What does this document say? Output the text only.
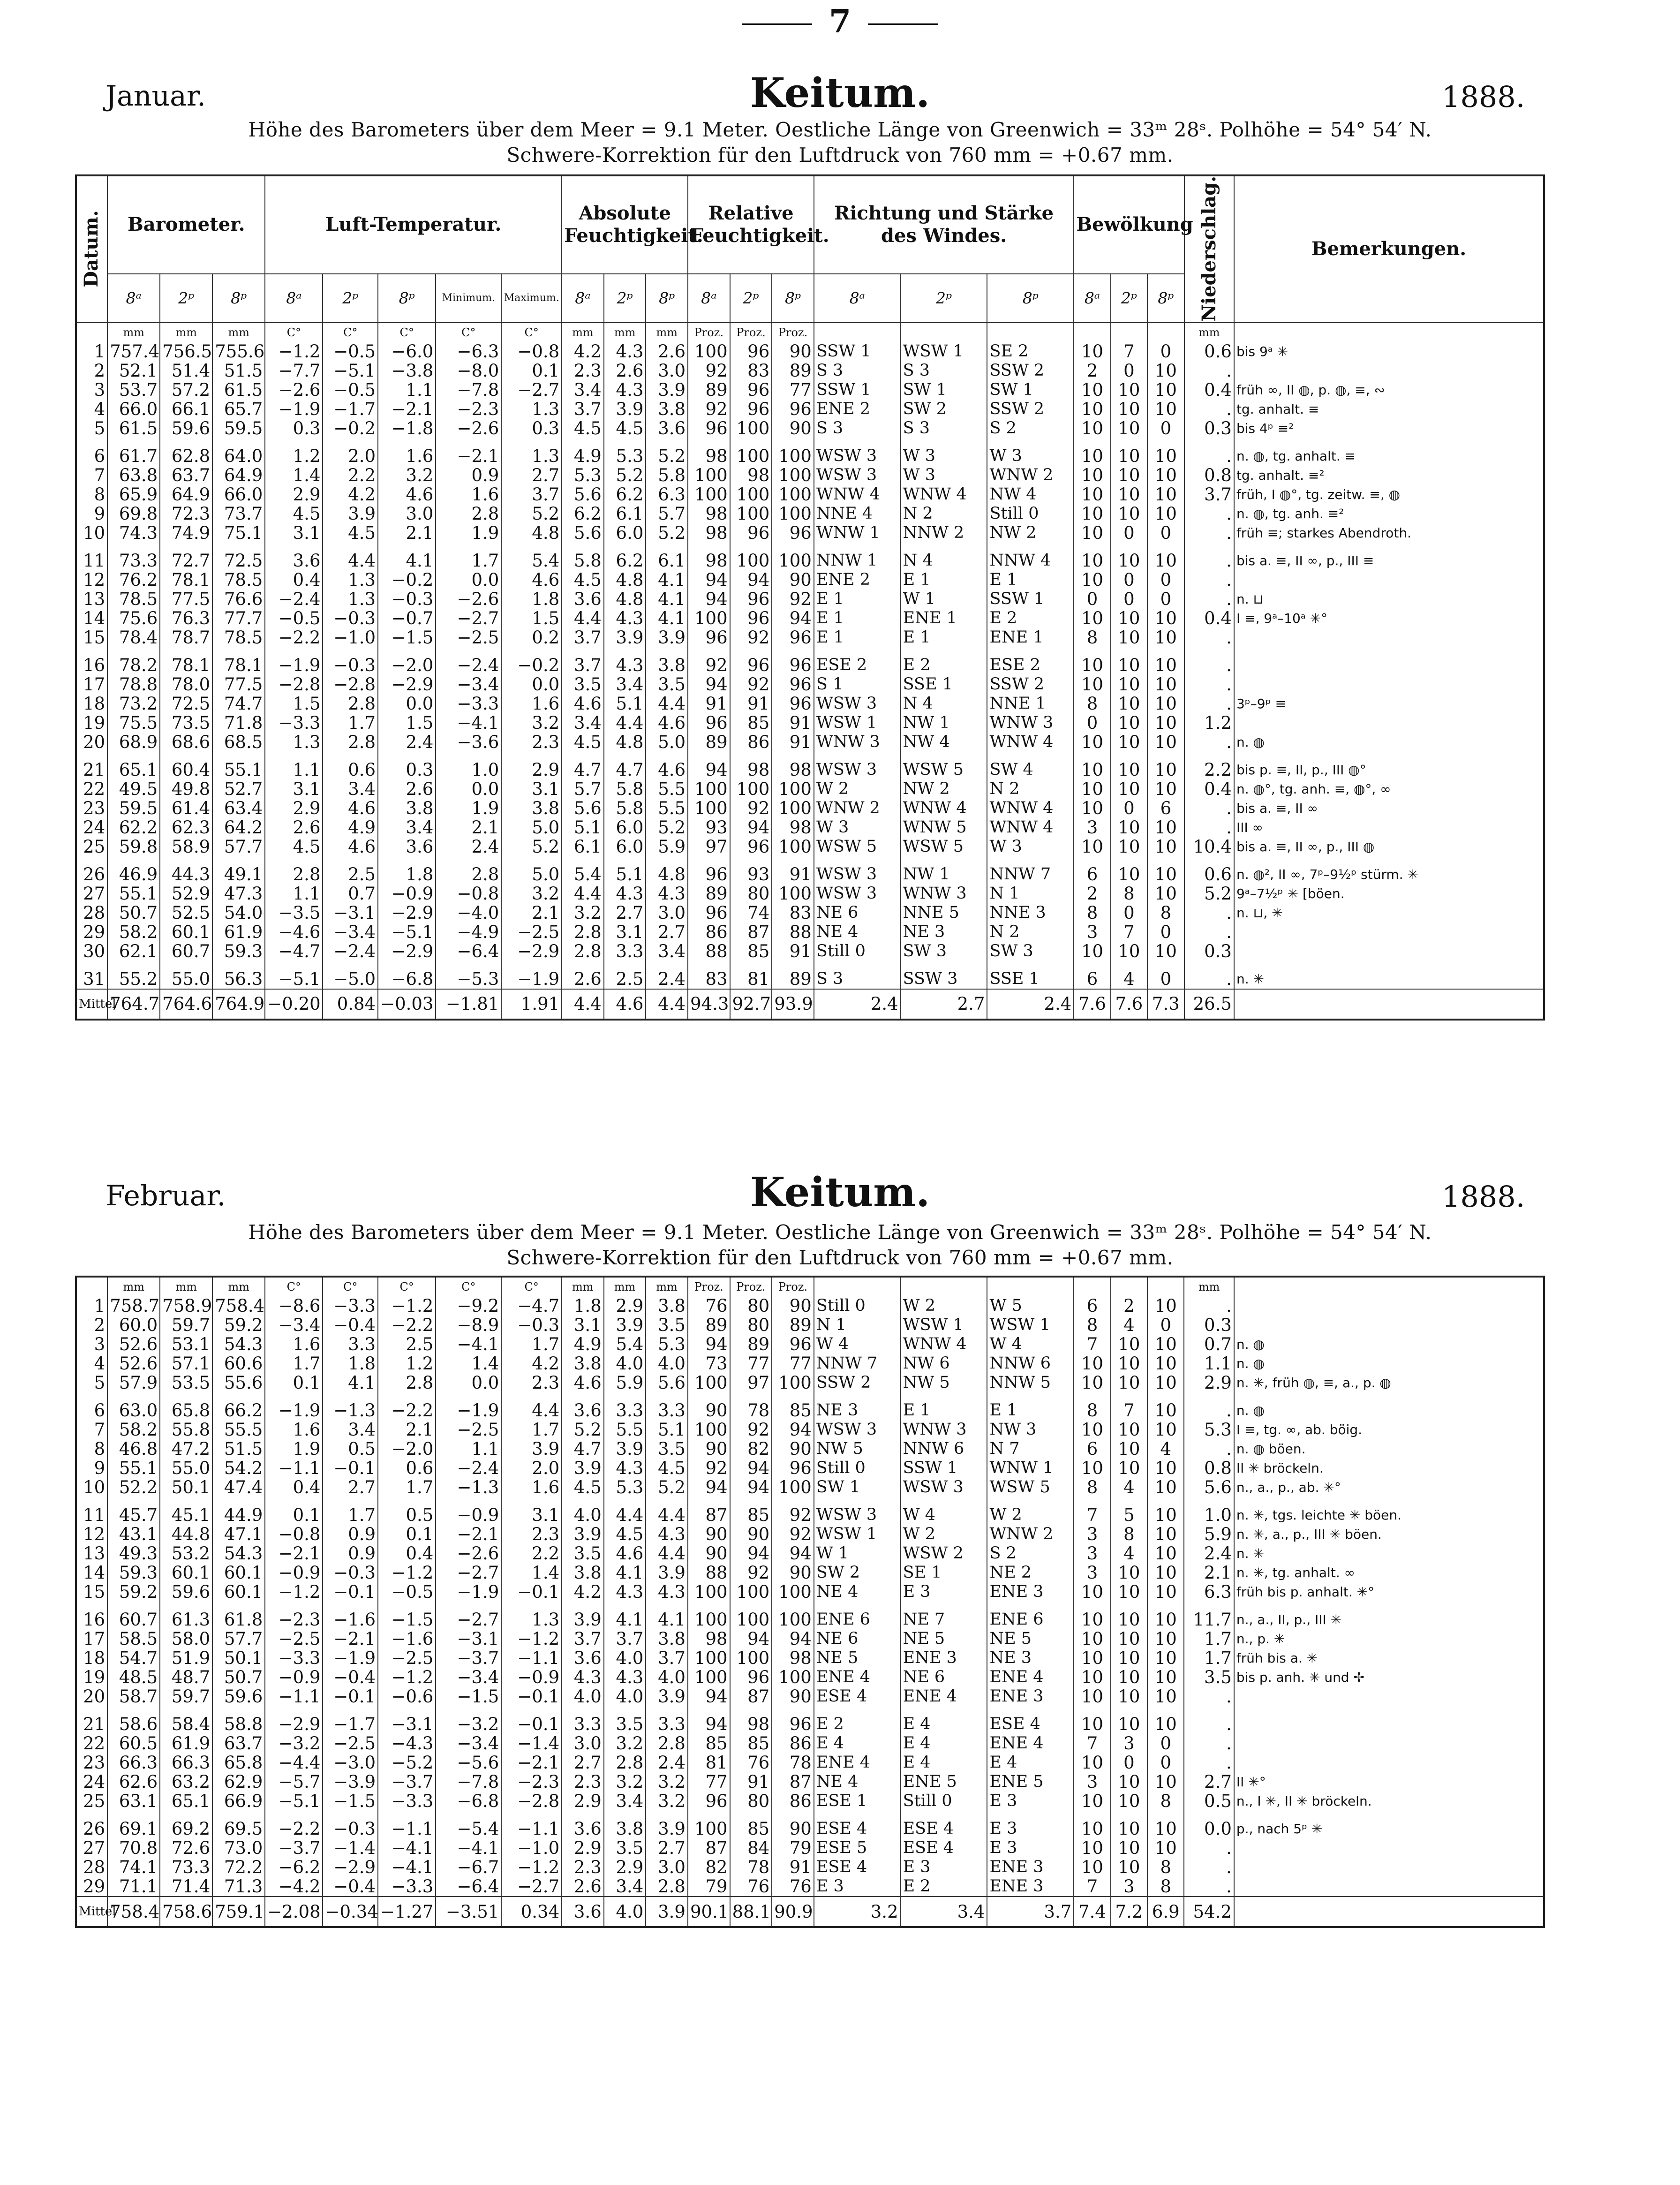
7
Januar.	Keitum.	1888.
Höhe des Barometers über dem Meer = 9.1 Meter. Oestliche Länge von Greenwich = 33ᵐ 28ˢ. Polhöhe = 54° 54′ N.
Schwere-Korrektion für den Luftdruck von 760 mm = +0.67 mm.
Datum.	Barometer.			Luft-Temperatur.					Absolute Feuchtigkeit.			Relative Feuchtigkeit.			Richtung und Stärke des Windes.			Bewölkung			Niederschlag.	Bemerkungen.
	8ᵃ	2ᵖ	8ᵖ	8ᵃ	2ᵖ	8ᵖ	Minimum.	Maximum.	8ᵃ	2ᵖ	8ᵖ	8ᵃ	2ᵖ	8ᵖ	8ᵃ	2ᵖ	8ᵖ	8ᵃ	2ᵖ	8ᵖ		
	mm	mm	mm	C°	C°	C°	C°	C°	mm	mm	mm	Proz.	Proz.	Proz.							mm	
1	757.4	756.5	755.6	−1.2	−0.5	−6.0	−6.3	−0.8	4.2	4.3	2.6	100	96	90	SSW 1	WSW 1	SE 2	10	7	0	0.6	bis 9ᵃ ✳
2	52.1	51.4	51.5	−7.7	−5.1	−3.8	−8.0	0.1	2.3	2.6	3.0	92	83	89	S 3	S 3	SSW 2	2	0	10	.	
3	53.7	57.2	61.5	−2.6	−0.5	1.1	−7.8	−2.7	3.4	4.3	3.9	89	96	77	SSW 1	SW 1	SW 1	10	10	10	0.4	früh ∞, II ◍, p. ◍, ≡, ∾
4	66.0	66.1	65.7	−1.9	−1.7	−2.1	−2.3	1.3	3.7	3.9	3.8	92	96	96	ENE 2	SW 2	SSW 2	10	10	10	.	tg. anhalt. ≡
5	61.5	59.6	59.5	0.3	−0.2	−1.8	−2.6	0.3	4.5	4.5	3.6	96	100	90	S 3	S 3	S 2	10	10	0	0.3	bis 4ᵖ ≡²

6	61.7	62.8	64.0	1.2	2.0	1.6	−2.1	1.3	4.9	5.3	5.2	98	100	100	WSW 3	W 3	W 3	10	10	10	.	n. ◍, tg. anhalt. ≡
7	63.8	63.7	64.9	1.4	2.2	3.2	0.9	2.7	5.3	5.2	5.8	100	98	100	WSW 3	W 3	WNW 2	10	10	10	0.8	tg. anhalt. ≡²
8	65.9	64.9	66.0	2.9	4.2	4.6	1.6	3.7	5.6	6.2	6.3	100	100	100	WNW 4	WNW 4	NW 4	10	10	10	3.7	früh, I ◍°, tg. zeitw. ≡, ◍
9	69.8	72.3	73.7	4.5	3.9	3.0	2.8	5.2	6.2	6.1	5.7	98	100	100	NNE 4	N 2	Still 0	10	10	10	.	n. ◍, tg. anh. ≡²
10	74.3	74.9	75.1	3.1	4.5	2.1	1.9	4.8	5.6	6.0	5.2	98	96	96	WNW 1	NNW 2	NW 2	10	0	0	.	früh ≡; starkes Abendroth.

11	73.3	72.7	72.5	3.6	4.4	4.1	1.7	5.4	5.8	6.2	6.1	98	100	100	NNW 1	N 4	NNW 4	10	10	10	.	bis a. ≡, II ∞, p., III ≡
12	76.2	78.1	78.5	0.4	1.3	−0.2	0.0	4.6	4.5	4.8	4.1	94	94	90	ENE 2	E 1	E 1	10	0	0	.	
13	78.5	77.5	76.6	−2.4	1.3	−0.3	−2.6	1.8	3.6	4.8	4.1	94	96	92	E 1	W 1	SSW 1	0	0	0	.	n. ⊔
14	75.6	76.3	77.7	−0.5	−0.3	−0.7	−2.7	1.5	4.4	4.3	4.1	100	96	94	E 1	ENE 1	E 2	10	10	10	0.4	I ≡, 9ᵃ–10ᵃ ✳°
15	78.4	78.7	78.5	−2.2	−1.0	−1.5	−2.5	0.2	3.7	3.9	3.9	96	92	96	E 1	E 1	ENE 1	8	10	10	.	

16	78.2	78.1	78.1	−1.9	−0.3	−2.0	−2.4	−0.2	3.7	4.3	3.8	92	96	96	ESE 2	E 2	ESE 2	10	10	10	.	
17	78.8	78.0	77.5	−2.8	−2.8	−2.9	−3.4	0.0	3.5	3.4	3.5	94	92	96	S 1	SSE 1	SSW 2	10	10	10	.	
18	73.2	72.5	74.7	1.5	2.8	0.0	−3.3	1.6	4.6	5.1	4.4	91	91	96	WSW 3	N 4	NNE 1	8	10	10	.	3ᵖ–9ᵖ ≡
19	75.5	73.5	71.8	−3.3	1.7	1.5	−4.1	3.2	3.4	4.4	4.6	96	85	91	WSW 1	NW 1	WNW 3	0	10	10	1.2	
20	68.9	68.6	68.5	1.3	2.8	2.4	−3.6	2.3	4.5	4.8	5.0	89	86	91	WNW 3	NW 4	WNW 4	10	10	10	.	n. ◍

21	65.1	60.4	55.1	1.1	0.6	0.3	1.0	2.9	4.7	4.7	4.6	94	98	98	WSW 3	WSW 5	SW 4	10	10	10	2.2	bis p. ≡, II, p., III ◍°
22	49.5	49.8	52.7	3.1	3.4	2.6	0.0	3.1	5.7	5.8	5.5	100	100	100	W 2	NW 2	N 2	10	10	10	0.4	n. ◍°, tg. anh. ≡, ◍°, ∞
23	59.5	61.4	63.4	2.9	4.6	3.8	1.9	3.8	5.6	5.8	5.5	100	92	100	WNW 2	WNW 4	WNW 4	10	0	6	.	bis a. ≡, II ∞
24	62.2	62.3	64.2	2.6	4.9	3.4	2.1	5.0	5.1	6.0	5.2	93	94	98	W 3	WNW 5	WNW 4	3	10	10	.	III ∞
25	59.8	58.9	57.7	4.5	4.6	3.6	2.4	5.2	6.1	6.0	5.9	97	96	100	WSW 5	WSW 5	W 3	10	10	10	10.4	bis a. ≡, II ∞, p., III ◍

26	46.9	44.3	49.1	2.8	2.5	1.8	2.8	5.0	5.4	5.1	4.8	96	93	91	WSW 3	NW 1	NNW 7	6	10	10	0.6	n. ◍², II ∞, 7ᵖ–9½ᵖ stürm. ✳
27	55.1	52.9	47.3	1.1	0.7	−0.9	−0.8	3.2	4.4	4.3	4.3	89	80	100	WSW 3	WNW 3	N 1	2	8	10	5.2	9ᵃ–7½ᵖ ✳ [böen.
28	50.7	52.5	54.0	−3.5	−3.1	−2.9	−4.0	2.1	3.2	2.7	3.0	96	74	83	NE 6	NNE 5	NNE 3	8	0	8	.	n. ⊔, ✳
29	58.2	60.1	61.9	−4.6	−3.4	−5.1	−4.9	−2.5	2.8	3.1	2.7	86	87	88	NE 4	NE 3	N 2	3	7	0	.	
30	62.1	60.7	59.3	−4.7	−2.4	−2.9	−6.4	−2.9	2.8	3.3	3.4	88	85	91	Still 0	SW 3	SW 3	10	10	10	0.3	

31	55.2	55.0	56.3	−5.1	−5.0	−6.8	−5.3	−1.9	2.6	2.5	2.4	83	81	89	S 3	SSW 3	SSE 1	6	4	0	.	n. ✳
Mittel	764.7	764.6	764.9	−0.20	0.84	−0.03	−1.81	1.91	4.4	4.6	4.4	94.3	92.7	93.9	2.4	2.7	2.4	7.6	7.6	7.3	26.5	
Februar.	Keitum.	1888.
Höhe des Barometers über dem Meer = 9.1 Meter. Oestliche Länge von Greenwich = 33ᵐ 28ˢ. Polhöhe = 54° 54′ N.
Schwere-Korrektion für den Luftdruck von 760 mm = +0.67 mm.
	mm	mm	mm	C°	C°	C°	C°	C°	mm	mm	mm	Proz.	Proz.	Proz.							mm	
1	758.7	758.9	758.4	−8.6	−3.3	−1.2	−9.2	−4.7	1.8	2.9	3.8	76	80	90	Still 0	W 2	W 5	6	2	10	.	
2	60.0	59.7	59.2	−3.4	−0.4	−2.2	−8.9	−0.3	3.1	3.9	3.5	89	80	89	N 1	WSW 1	WSW 1	8	4	0	0.3	
3	52.6	53.1	54.3	1.6	3.3	2.5	−4.1	1.7	4.9	5.4	5.3	94	89	96	W 4	WNW 4	W 4	7	10	10	0.7	n. ◍
4	52.6	57.1	60.6	1.7	1.8	1.2	1.4	4.2	3.8	4.0	4.0	73	77	77	NNW 7	NW 6	NNW 6	10	10	10	1.1	n. ◍
5	57.9	53.5	55.6	0.1	4.1	2.8	0.0	2.3	4.6	5.9	5.6	100	97	100	SSW 2	NW 5	NNW 5	10	10	10	2.9	n. ✳, früh ◍, ≡, a., p. ◍

6	63.0	65.8	66.2	−1.9	−1.3	−2.2	−1.9	4.4	3.6	3.3	3.3	90	78	85	NE 3	E 1	E 1	8	7	10	.	n. ◍
7	58.2	55.8	55.5	1.6	3.4	2.1	−2.5	1.7	5.2	5.5	5.1	100	92	94	WSW 3	WNW 3	NW 3	10	10	10	5.3	I ≡, tg. ∞, ab. böig.
8	46.8	47.2	51.5	1.9	0.5	−2.0	1.1	3.9	4.7	3.9	3.5	90	82	90	NW 5	NNW 6	N 7	6	10	4	.	n. ◍ böen.
9	55.1	55.0	54.2	−1.1	−0.1	0.6	−2.4	2.0	3.9	4.3	4.5	92	94	96	Still 0	SSW 1	WNW 1	10	10	10	0.8	II ✳ bröckeln.
10	52.2	50.1	47.4	0.4	2.7	1.7	−1.3	1.6	4.5	5.3	5.2	94	94	100	SW 1	WSW 3	WSW 5	8	4	10	5.6	n., a., p., ab. ✳°

11	45.7	45.1	44.9	0.1	1.7	0.5	−0.9	3.1	4.0	4.4	4.4	87	85	92	WSW 3	W 4	W 2	7	5	10	1.0	n. ✳, tgs. leichte ✳ böen.
12	43.1	44.8	47.1	−0.8	0.9	0.1	−2.1	2.3	3.9	4.5	4.3	90	90	92	WSW 1	W 2	WNW 2	3	8	10	5.9	n. ✳, a., p., III ✳ böen.
13	49.3	53.2	54.3	−2.1	0.9	0.4	−2.6	2.2	3.5	4.6	4.4	90	94	94	W 1	WSW 2	S 2	3	4	10	2.4	n. ✳
14	59.3	60.1	60.1	−0.9	−0.3	−1.2	−2.7	1.4	3.8	4.1	3.9	88	92	90	SW 2	SE 1	NE 2	3	10	10	2.1	n. ✳, tg. anhalt. ∞
15	59.2	59.6	60.1	−1.2	−0.1	−0.5	−1.9	−0.1	4.2	4.3	4.3	100	100	100	NE 4	E 3	ENE 3	10	10	10	6.3	früh bis p. anhalt. ✳°

16	60.7	61.3	61.8	−2.3	−1.6	−1.5	−2.7	1.3	3.9	4.1	4.1	100	100	100	ENE 6	NE 7	ENE 6	10	10	10	11.7	n., a., II, p., III ✳
17	58.5	58.0	57.7	−2.5	−2.1	−1.6	−3.1	−1.2	3.7	3.7	3.8	98	94	94	NE 6	NE 5	NE 5	10	10	10	1.7	n., p. ✳
18	54.7	51.9	50.1	−3.3	−1.9	−2.5	−3.7	−1.1	3.6	4.0	3.7	100	100	98	NE 5	ENE 3	NE 3	10	10	10	1.7	früh bis a. ✳
19	48.5	48.7	50.7	−0.9	−0.4	−1.2	−3.4	−0.9	4.3	4.3	4.0	100	96	100	ENE 4	NE 6	ENE 4	10	10	10	3.5	bis p. anh. ✳ und ✢
20	58.7	59.7	59.6	−1.1	−0.1	−0.6	−1.5	−0.1	4.0	4.0	3.9	94	87	90	ESE 4	ENE 4	ENE 3	10	10	10	.	

21	58.6	58.4	58.8	−2.9	−1.7	−3.1	−3.2	−0.1	3.3	3.5	3.3	94	98	96	E 2	E 4	ESE 4	10	10	10	.	
22	60.5	61.9	63.7	−3.2	−2.5	−4.3	−3.4	−1.4	3.0	3.2	2.8	85	85	86	E 4	E 4	ENE 4	7	3	0	.	
23	66.3	66.3	65.8	−4.4	−3.0	−5.2	−5.6	−2.1	2.7	2.8	2.4	81	76	78	ENE 4	E 4	E 4	10	0	0	.	
24	62.6	63.2	62.9	−5.7	−3.9	−3.7	−7.8	−2.3	2.3	3.2	3.2	77	91	87	NE 4	ENE 5	ENE 5	3	10	10	2.7	II ✳°
25	63.1	65.1	66.9	−5.1	−1.5	−3.3	−6.8	−2.8	2.9	3.4	3.2	96	80	86	ESE 1	Still 0	E 3	10	10	8	0.5	n., I ✳, II ✳ bröckeln.

26	69.1	69.2	69.5	−2.2	−0.3	−1.1	−5.4	−1.1	3.6	3.8	3.9	100	85	90	ESE 4	ESE 4	E 3	10	10	10	0.0	p., nach 5ᵖ ✳
27	70.8	72.6	73.0	−3.7	−1.4	−4.1	−4.1	−1.0	2.9	3.5	2.7	87	84	79	ESE 5	ESE 4	E 3	10	10	10	.	
28	74.1	73.3	72.2	−6.2	−2.9	−4.1	−6.7	−1.2	2.3	2.9	3.0	82	78	91	ESE 4	E 3	ENE 3	10	10	8	.	
29	71.1	71.4	71.3	−4.2	−0.4	−3.3	−6.4	−2.7	2.6	3.4	2.8	79	76	76	E 3	E 2	ENE 3	7	3	8	.	
Mittel	758.4	758.6	759.1	−2.08	−0.34	−1.27	−3.51	0.34	3.6	4.0	3.9	90.1	88.1	90.9	3.2	3.4	3.7	7.4	7.2	6.9	54.2	
